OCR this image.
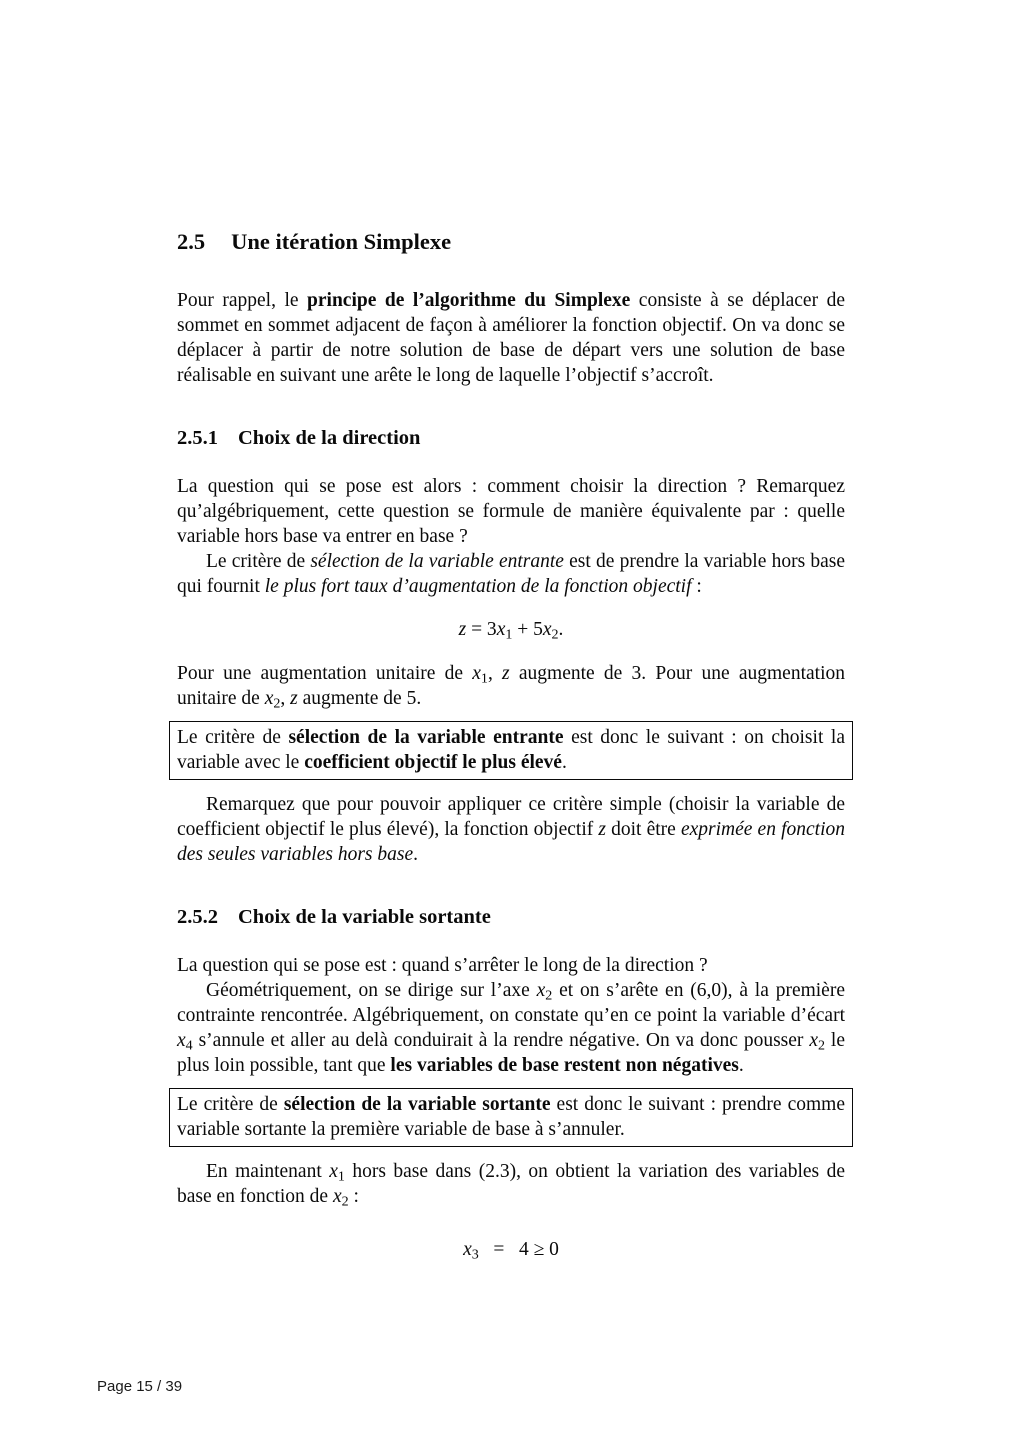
2.5 Une itération Simplexe

Pour rappel, le principe de l’algorithme du Simplexe consiste à se déplacer de sommet en sommet adjacent de façon à améliorer la fonction objectif. On va donc se déplacer à partir de notre solution de base de départ vers une solution de base réalisable en suivant une arête le long de laquelle l’objectif s’accroît.

2.5.1 Choix de la direction

La question qui se pose est alors : comment choisir la direction ? Remarquez qu’algébriquement, cette question se formule de manière équivalente par : quelle variable hors base va entrer en base ?

Le critère de sélection de la variable entrante est de prendre la variable hors base qui fournit le plus fort taux d’augmentation de la fonction objectif :

$z = 3x_1 + 5x_2$.

Pour une augmentation unitaire de $x_1$, z augmente de 3. Pour une augmentation unitaire de $x_2$, z augmente de 5.

Le critère de sélection de la variable entrante est donc le suivant : on choisit la variable avec le coefficient objectif le plus élevé.

Remarquez que pour pouvoir appliquer ce critère simple (choisir la variable de coefficient objectif le plus élevé), la fonction objectif z doit être exprimée en fonction des seules variables hors base.

2.5.2 Choix de la variable sortante

La question qui se pose est : quand s’arrêter le long de la direction ?

Géométriquement, on se dirige sur l’axe $x_2$ et on s’arête en (6,0), à la première contrainte rencontrée. Algébriquement, on constate qu’en ce point la variable d’écart $x_4$ s’annule et aller au delà conduirait à la rendre négative. On va donc pousser $x_2$ le plus loin possible, tant que les variables de base restent non négatives.

Le critère de sélection de la variable sortante est donc le suivant : prendre comme variable sortante la première variable de base à s’annuler.

En maintenant $x_1$ hors base dans (2.3), on obtient la variation des variables de base en fonction de $x_2$ :

$x_3 = 4 \ge 0$
Page 15 / 39
